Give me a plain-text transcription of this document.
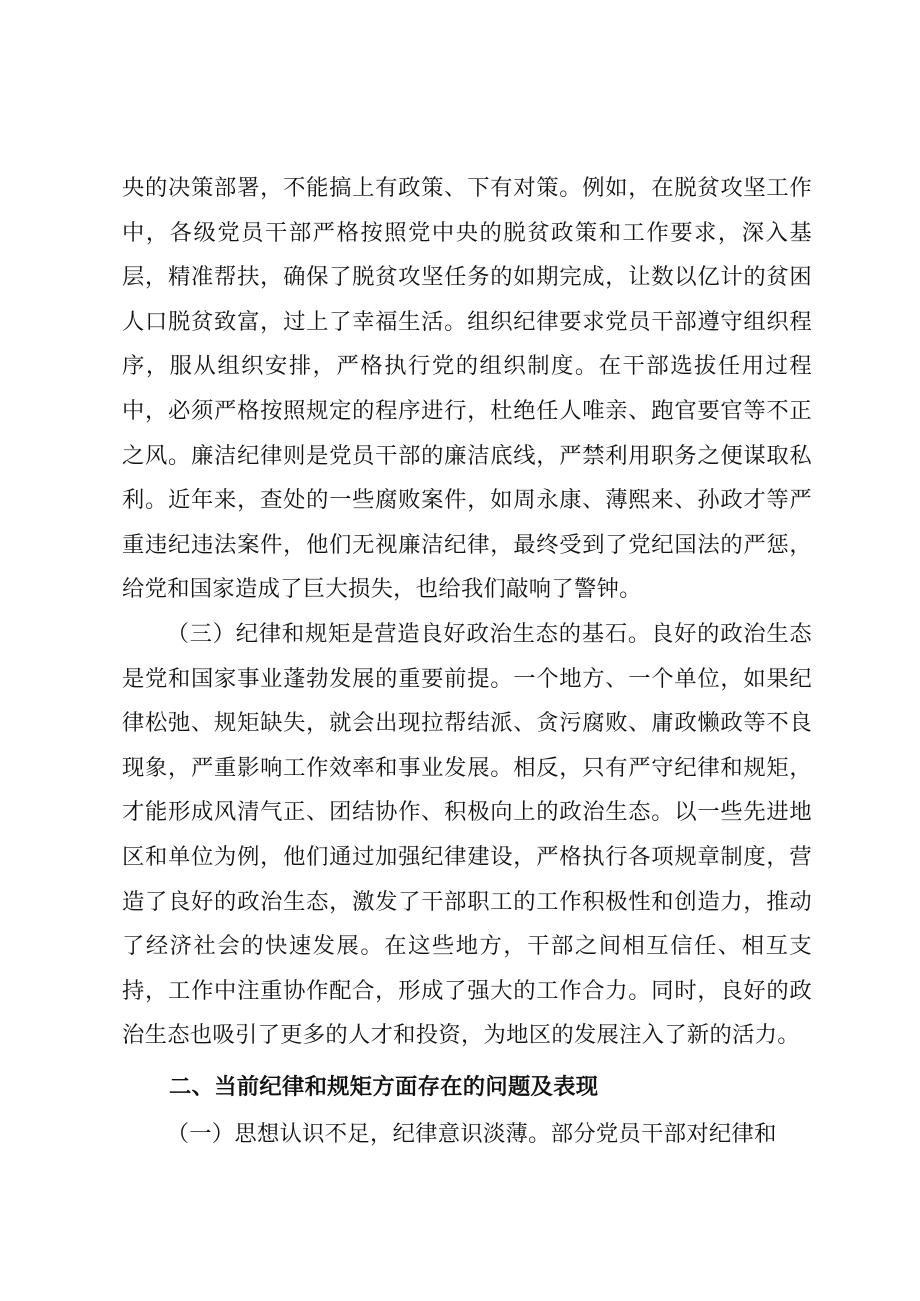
央的决策部署，不能搞上有政策、下有对策。例如，在脱贫攻坚工作中，各级党员干部严格按照党中央的脱贫政策和工作要求，深入基层，精准帮扶，确保了脱贫攻坚任务的如期完成，让数以亿计的贫困人口脱贫致富，过上了幸福生活。组织纪律要求党员干部遵守组织程序，服从组织安排，严格执行党的组织制度。在干部选拔任用过程中，必须严格按照规定的程序进行，杜绝任人唯亲、跑官要官等不正之风。廉洁纪律则是党员干部的廉洁底线，严禁利用职务之便谋取私利。近年来，查处的一些腐败案件，如周永康、薄熙来、孙政才等严重违纪违法案件，他们无视廉洁纪律，最终受到了党纪国法的严惩，给党和国家造成了巨大损失，也给我们敲响了警钟。

（三）纪律和规矩是营造良好政治生态的基石。良好的政治生态是党和国家事业蓬勃发展的重要前提。一个地方、一个单位，如果纪律松弛、规矩缺失，就会出现拉帮结派、贪污腐败、庸政懒政等不良现象，严重影响工作效率和事业发展。相反，只有严守纪律和规矩，才能形成风清气正、团结协作、积极向上的政治生态。以一些先进地区和单位为例，他们通过加强纪律建设，严格执行各项规章制度，营造了良好的政治生态，激发了干部职工的工作积极性和创造力，推动了经济社会的快速发展。在这些地方，干部之间相互信任、相互支持，工作中注重协作配合，形成了强大的工作合力。同时，良好的政治生态也吸引了更多的人才和投资，为地区的发展注入了新的活力。

二、当前纪律和规矩方面存在的问题及表现

（一）思想认识不足，纪律意识淡薄。部分党员干部对纪律和
